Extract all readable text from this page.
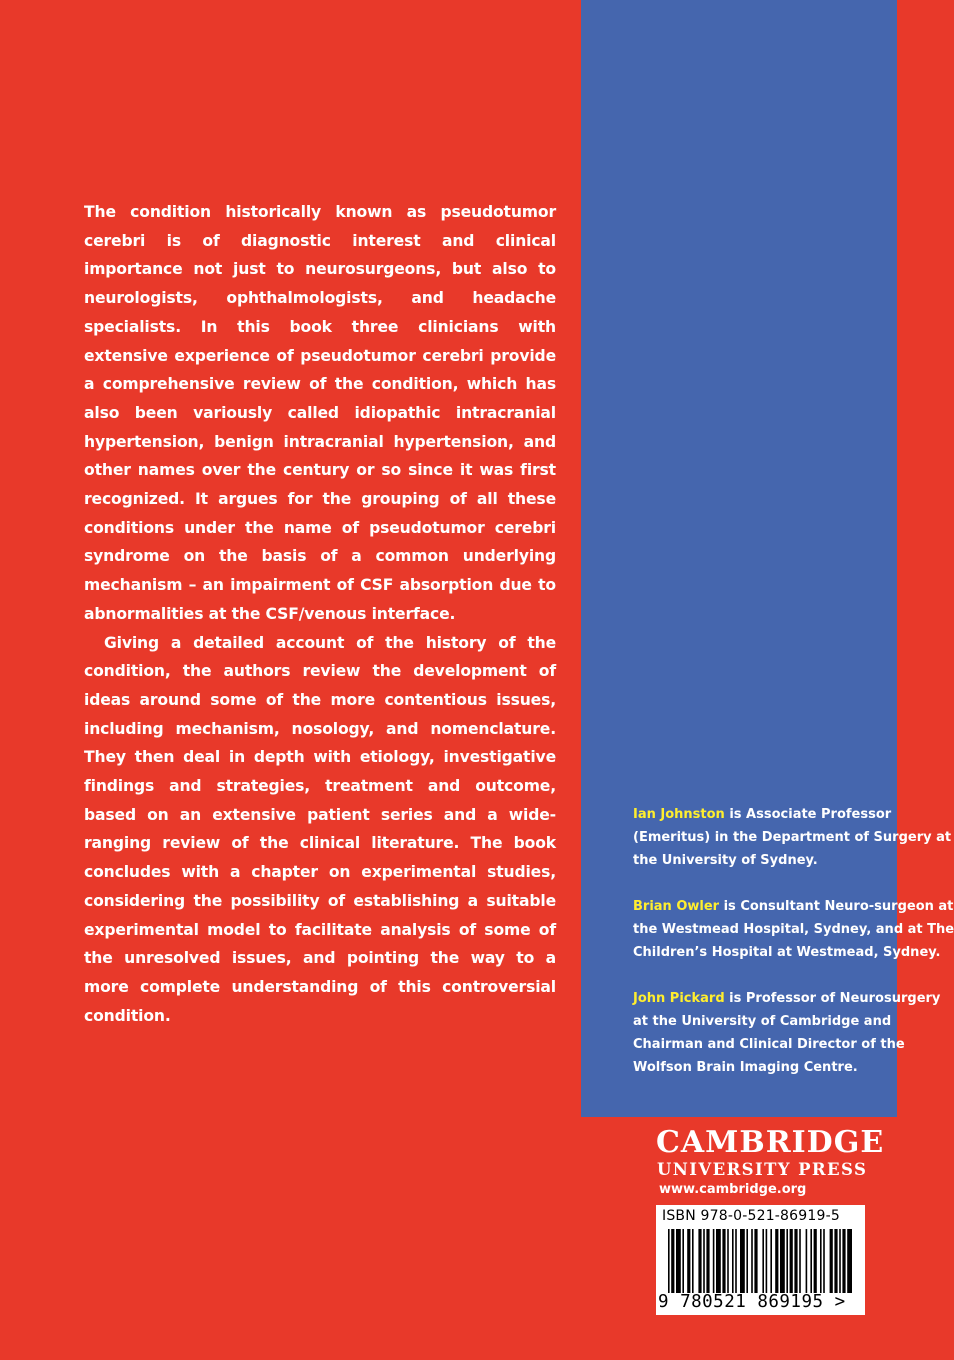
The condition historically known as pseudotumor cerebri is of diagnostic interest and clinical importance not just to neurosurgeons, but also to neurologists, ophthalmologists, and headache specialists. In this book three clinicians with extensive experience of pseudotumor cerebri provide a comprehensive review of the condition, which has also been variously called idiopathic intracranial hypertension, benign intracranial hypertension, and other names over the century or so since it was first recognized. It argues for the grouping of all these conditions under the name of pseudotumor cerebri syndrome on the basis of a common underlying mechanism – an impairment of CSF absorption due to abnormalities at the CSF/venous interface.

Giving a detailed account of the history of the condition, the authors review the development of ideas around some of the more contentious issues, including mechanism, nosology, and nomenclature. They then deal in depth with etiology, investigative findings and strategies, treatment and outcome, based on an extensive patient series and a wide-ranging review of the clinical literature. The book concludes with a chapter on experimental studies, considering the possibility of establishing a suitable experimental model to facilitate analysis of some of the unresolved issues, and pointing the way to a more complete understanding of this controversial condition.

Ian Johnston is Associate Professor
(Emeritus) in the Department of Surgery at
the University of Sydney.
Brian Owler is Consultant Neuro-surgeon at
the Westmead Hospital, Sydney, and at The
Children’s Hospital at Westmead, Sydney.
John Pickard is Professor of Neurosurgery
at the University of Cambridge and
Chairman and Clinical Director of the
Wolfson Brain Imaging Centre.
CAMBRIDGE
UNIVERSITY PRESS
www.cambridge.org
ISBN 978-0-521-86919-5
9 780521 869195 >
